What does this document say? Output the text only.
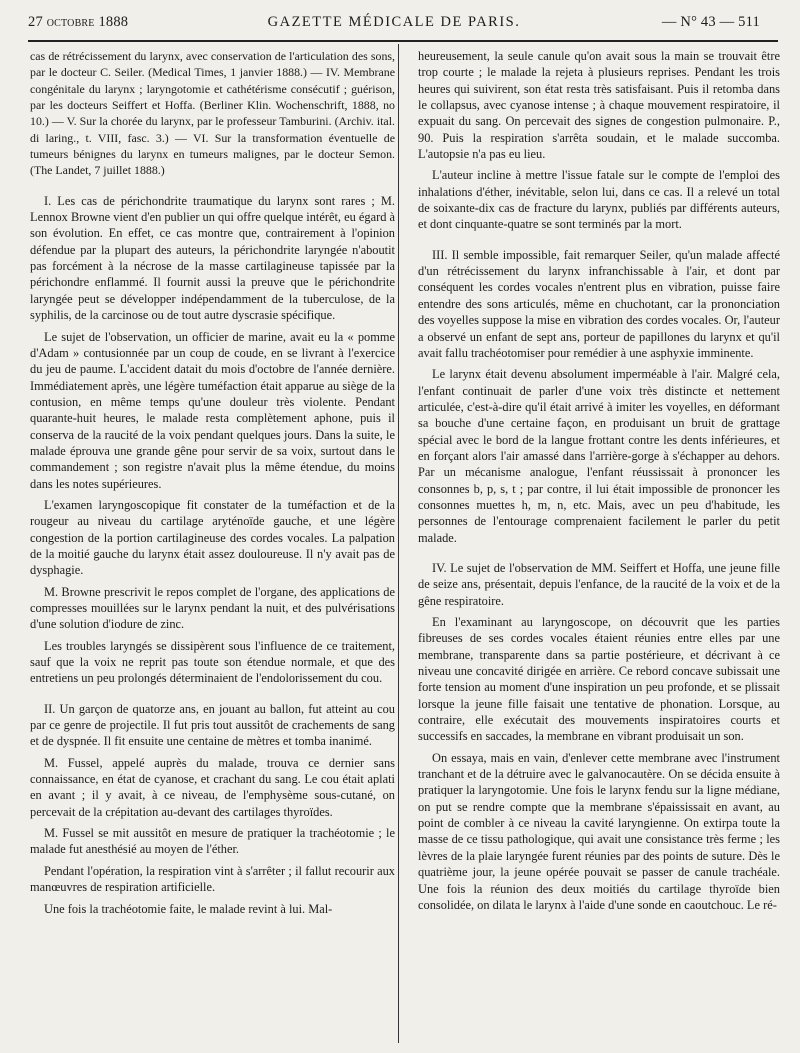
27 octobre 1888	GAZETTE MÉDICALE DE PARIS.	— N° 43 — 511

cas de rétrécissement du larynx, avec conservation de l'articulation des sons, par le docteur C. Seiler. (Medical Times, 1 janvier 1888.) — IV. Membrane congénitale du larynx ; laryngotomie et cathétérisme consécutif ; guérison, par les docteurs Seiffert et Hoffa. (Berliner Klin. Wochenschrift, 1888, no 10.) — V. Sur la chorée du larynx, par le professeur Tamburini. (Archiv. ital. di laring., t. VIII, fasc. 3.) — VI. Sur la transformation éventuelle de tumeurs bénignes du larynx en tumeurs malignes, par le docteur Semon. (The Landet, 7 juillet 1888.)

I. Les cas de périchondrite traumatique du larynx sont rares ; M. Lennox Browne vient d'en publier un qui offre quelque intérêt, eu égard à son évolution. En effet, ce cas montre que, contrairement à l'opinion défendue par la plupart des auteurs, la périchondrite laryngée n'aboutit pas forcément à la nécrose de la masse cartilagineuse tapissée par la périchondre enflammé. Il fournit aussi la preuve que le périchondrite laryngée peut se développer indépendamment de la tuberculose, de la syphilis, de la carcinose ou de tout autre dyscrasie spécifique.

Le sujet de l'observation, un officier de marine, avait eu la « pomme d'Adam » contusionnée par un coup de coude, en se livrant à l'exercice du jeu de paume. L'accident datait du mois d'octobre de l'année dernière. Immédiatement après, une légère tuméfaction était apparue au siège de la contusion, en même temps qu'une douleur très violente. Pendant quarante-huit heures, le malade resta complètement aphone, puis il conserva de la raucité de la voix pendant quelques jours. Dans la suite, le malade éprouva une grande gêne pour servir de sa voix, surtout dans le commandement ; son registre n'avait plus la même étendue, du moins dans les notes supérieures.

L'examen laryngoscopique fit constater de la tuméfaction et de la rougeur au niveau du cartilage aryténoïde gauche, et une légère congestion de la portion cartilagineuse des cordes vocales. La palpation de la moitié gauche du larynx était assez douloureuse. Il n'y avait pas de dysphagie.

M. Browne prescrivit le repos complet de l'organe, des applications de compresses mouillées sur le larynx pendant la nuit, et des pulvérisations d'une solution d'iodure de zinc.

Les troubles laryngés se dissipèrent sous l'influence de ce traitement, sauf que la voix ne reprit pas toute son étendue normale, et que des entretiens un peu prolongés déterminaient de l'endolorissement du cou.

II. Un garçon de quatorze ans, en jouant au ballon, fut atteint au cou par ce genre de projectile. Il fut pris tout aussitôt de crachements de sang et de dyspnée. Il fit ensuite une centaine de mètres et tomba inanimé.

M. Fussel, appelé auprès du malade, trouva ce dernier sans connaissance, en état de cyanose, et crachant du sang. Le cou était aplati en avant ; il y avait, à ce niveau, de l'emphysème sous-cutané, on percevait de la crépitation au-devant des cartilages thyroïdes.

M. Fussel se mit aussitôt en mesure de pratiquer la trachéotomie ; le malade fut anesthésié au moyen de l'éther.

Pendant l'opération, la respiration vint à s'arrêter ; il fallut recourir aux manœuvres de respiration artificielle.

Une fois la trachéotomie faite, le malade revint à lui. Mal-

heureusement, la seule canule qu'on avait sous la main se trouvait être trop courte ; le malade la rejeta à plusieurs reprises. Pendant les trois heures qui suivirent, son état resta très satisfaisant. Puis il retomba dans le collapsus, avec cyanose intense ; à chaque mouvement respiratoire, il expuait du sang. On percevait des signes de congestion pulmonaire. P., 90. Puis la respiration s'arrêta soudain, et le malade succomba. L'autopsie n'a pas eu lieu.

L'auteur incline à mettre l'issue fatale sur le compte de l'emploi des inhalations d'éther, inévitable, selon lui, dans ce cas. Il a relevé un total de soixante-dix cas de fracture du larynx, publiés par différents auteurs, et dont cinquante-quatre se sont terminés par la mort.

III. Il semble impossible, fait remarquer Seiler, qu'un malade affecté d'un rétrécissement du larynx infranchissable à l'air, et dont par conséquent les cordes vocales n'entrent plus en vibration, puisse faire entendre des sons articulés, même en chuchotant, car la prononciation des voyelles suppose la mise en vibration des cordes vocales. Or, l'auteur a observé un enfant de sept ans, porteur de papillones du larynx et qu'il avait fallu trachéotomiser pour remédier à une asphyxie imminente.

Le larynx était devenu absolument imperméable à l'air. Malgré cela, l'enfant continuait de parler d'une voix très distincte et nettement articulée, c'est-à-dire qu'il était arrivé à imiter les voyelles, en déformant sa bouche d'une certaine façon, en produisant un bruit de grattage spécial avec le bord de la langue frottant contre les dents inférieures, et en forçant alors l'air amassé dans l'arrière-gorge à s'échapper au dehors. Par un mécanisme analogue, l'enfant réussissait à prononcer les consonnes b, p, s, t ; par contre, il lui était impossible de prononcer les consonnes muettes h, m, n, etc. Mais, avec un peu d'habitude, les personnes de l'entourage comprenaient facilement le parler du petit malade.

IV. Le sujet de l'observation de MM. Seiffert et Hoffa, une jeune fille de seize ans, présentait, depuis l'enfance, de la raucité de la voix et de la gêne respiratoire.

En l'examinant au laryngoscope, on découvrit que les parties fibreuses de ses cordes vocales étaient réunies entre elles par une membrane, transparente dans sa partie postérieure, et décrivant à ce niveau une concavité dirigée en arrière. Ce rebord concave subissait une forte tension au moment d'une inspiration un peu profonde, et se plissait lorsque la jeune fille faisait une tentative de phonation. Lorsque, au contraire, elle exécutait des mouvements inspiratoires courts et successifs en saccades, la membrane en vibrant produisait un son.

On essaya, mais en vain, d'enlever cette membrane avec l'instrument tranchant et de la détruire avec le galvanocautère. On se décida ensuite à pratiquer la laryngotomie. Une fois le larynx fendu sur la ligne médiane, on put se rendre compte que la membrane s'épaississait en avant, au point de combler à ce niveau la cavité laryngienne. On extirpa toute la masse de ce tissu pathologique, qui avait une consistance très ferme ; les lèvres de la plaie laryngée furent réunies par des points de suture. Dès le quatrième jour, la jeune opérée pouvait se passer de canule trachéale. Une fois la réunion des deux moitiés du cartilage thyroïde bien consolidée, on dilata le larynx à l'aide d'une sonde en caoutchouc. Le ré-
